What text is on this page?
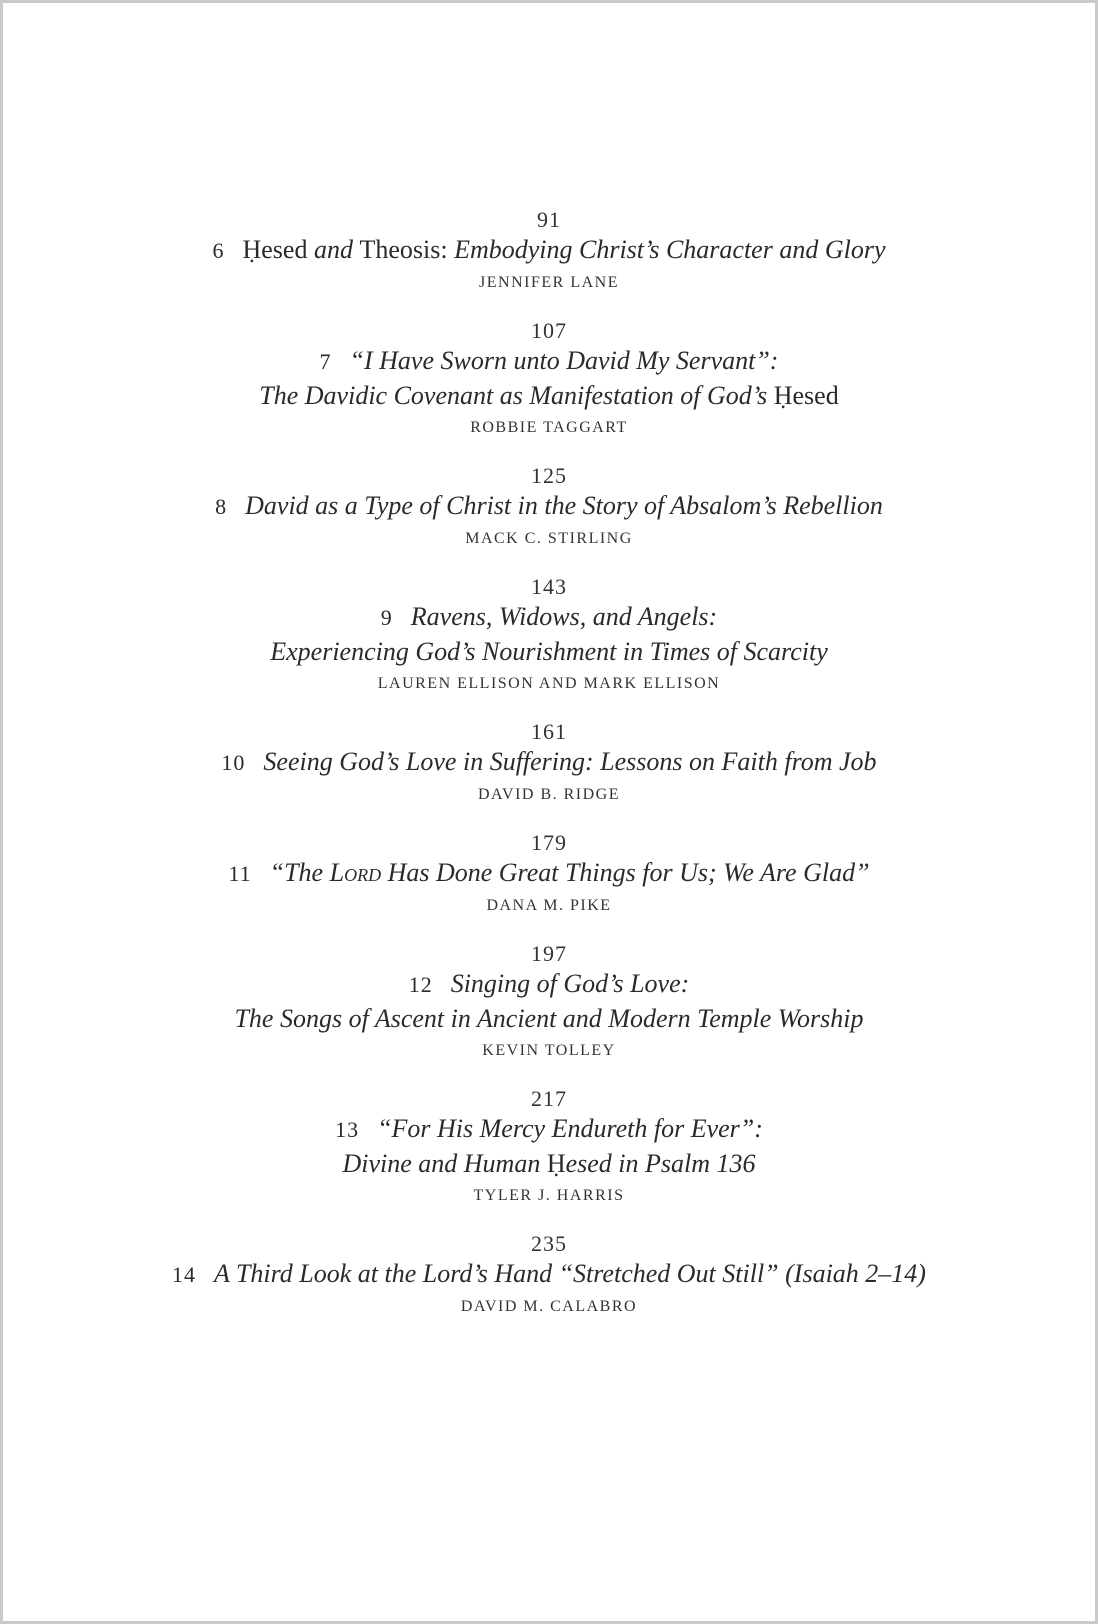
91
6 Ḥesed and Theosis: Embodying Christ’s Character and Glory
JENNIFER LANE
107
7 “I Have Sworn unto David My Servant”:
The Davidic Covenant as Manifestation of God’s Ḥesed
ROBBIE TAGGART
125
8 David as a Type of Christ in the Story of Absalom’s Rebellion
MACK C. STIRLING
143
9 Ravens, Widows, and Angels:
Experiencing God’s Nourishment in Times of Scarcity
LAUREN ELLISON AND MARK ELLISON
161
10 Seeing God’s Love in Suffering: Lessons on Faith from Job
DAVID B. RIDGE
179
11 “The Lord Has Done Great Things for Us; We Are Glad”
DANA M. PIKE
197
12 Singing of God’s Love:
The Songs of Ascent in Ancient and Modern Temple Worship
KEVIN TOLLEY
217
13 “For His Mercy Endureth for Ever”:
Divine and Human Ḥesed in Psalm 136
TYLER J. HARRIS
235
14 A Third Look at the Lord’s Hand “Stretched Out Still” (Isaiah 2–14)
DAVID M. CALABRO
